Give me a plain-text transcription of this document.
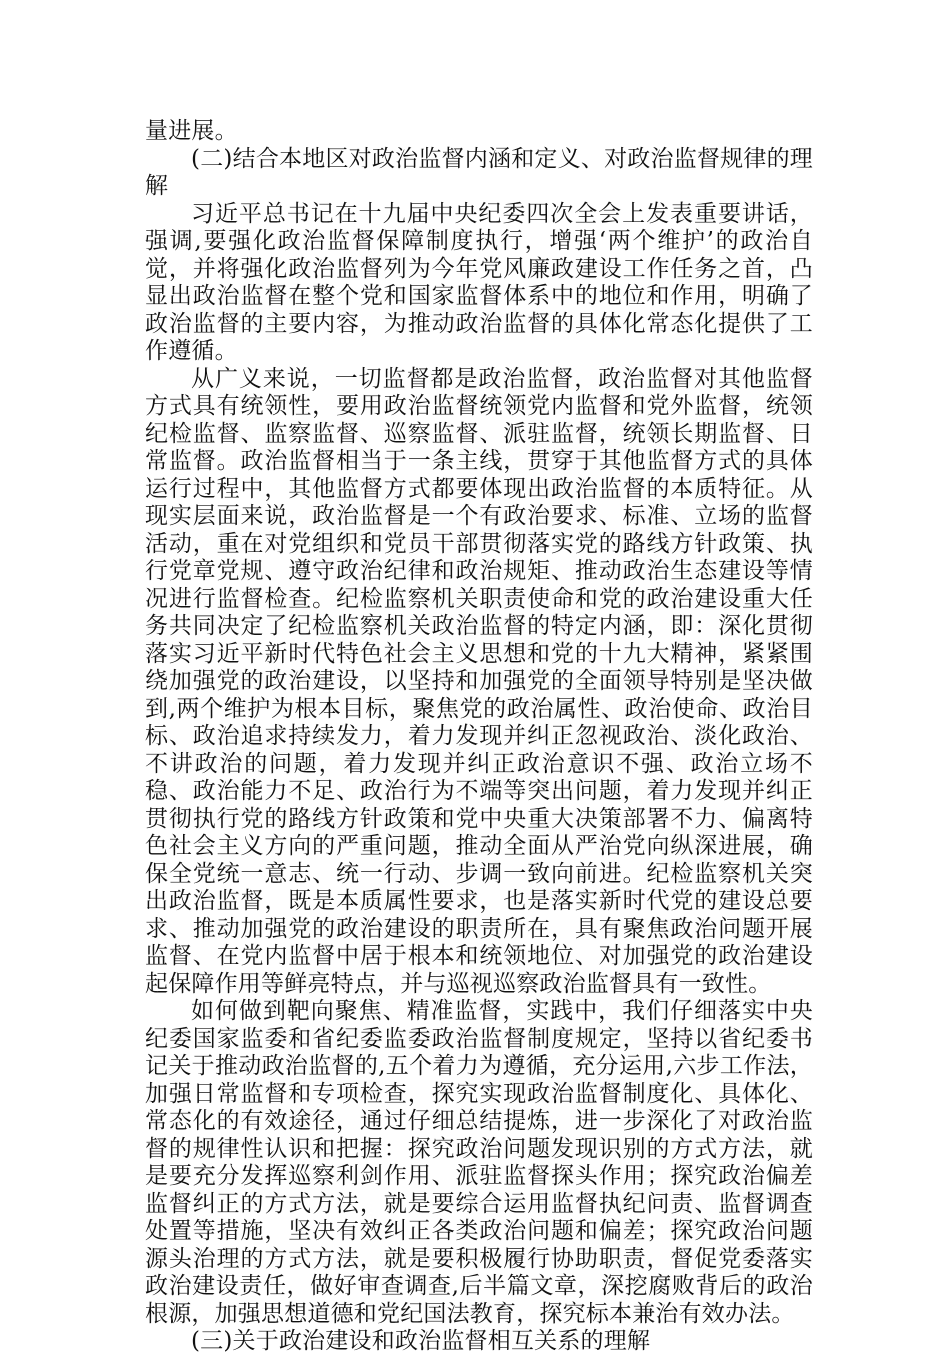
量进展。

(二)结合本地区对政治监督内涵和定义、对政治监督规律的理解

习近平总书记在十九届中央纪委四次全会上发表重要讲话，强调,要强化政治监督保障制度执行，增强‘两个维护’的政治自觉，并将强化政治监督列为今年党风廉政建设工作任务之首，凸显出政治监督在整个党和国家监督体系中的地位和作用，明确了政治监督的主要内容，为推动政治监督的具体化常态化提供了工作遵循。

从广义来说，一切监督都是政治监督，政治监督对其他监督方式具有统领性，要用政治监督统领党内监督和党外监督，统领纪检监督、监察监督、巡察监督、派驻监督，统领长期监督、日常监督。政治监督相当于一条主线，贯穿于其他监督方式的具体运行过程中，其他监督方式都要体现出政治监督的本质特征。从现实层面来说，政治监督是一个有政治要求、标准、立场的监督活动，重在对党组织和党员干部贯彻落实党的路线方针政策、执行党章党规、遵守政治纪律和政治规矩、推动政治生态建设等情况进行监督检查。纪检监察机关职责使命和党的政治建设重大任务共同决定了纪检监察机关政治监督的特定内涵，即：深化贯彻落实习近平新时代特色社会主义思想和党的十九大精神，紧紧围绕加强党的政治建设，以坚持和加强党的全面领导特别是坚决做到,两个维护为根本目标，聚焦党的政治属性、政治使命、政治目标、政治追求持续发力，着力发现并纠正忽视政治、淡化政治、不讲政治的问题，着力发现并纠正政治意识不强、政治立场不稳、政治能力不足、政治行为不端等突出问题，着力发现并纠正贯彻执行党的路线方针政策和党中央重大决策部署不力、偏离特色社会主义方向的严重问题，推动全面从严治党向纵深进展，确保全党统一意志、统一行动、步调一致向前进。纪检监察机关突出政治监督，既是本质属性要求，也是落实新时代党的建设总要求、推动加强党的政治建设的职责所在，具有聚焦政治问题开展监督、在党内监督中居于根本和统领地位、对加强党的政治建设起保障作用等鲜亮特点，并与巡视巡察政治监督具有一致性。

如何做到靶向聚焦、精准监督，实践中，我们仔细落实中央纪委国家监委和省纪委监委政治监督制度规定，坚持以省纪委书记关于推动政治监督的,五个着力为遵循，充分运用,六步工作法，加强日常监督和专项检查，探究实现政治监督制度化、具体化、常态化的有效途径，通过仔细总结提炼，进一步深化了对政治监督的规律性认识和把握：探究政治问题发现识别的方式方法，就是要充分发挥巡察利剑作用、派驻监督探头作用；探究政治偏差监督纠正的方式方法，就是要综合运用监督执纪问责、监督调查处置等措施，坚决有效纠正各类政治问题和偏差；探究政治问题源头治理的方式方法，就是要积极履行协助职责，督促党委落实政治建设责任，做好审查调查,后半篇文章，深挖腐败背后的政治根源，加强思想道德和党纪国法教育，探究标本兼治有效办法。

(三)关于政治建设和政治监督相互关系的理解
